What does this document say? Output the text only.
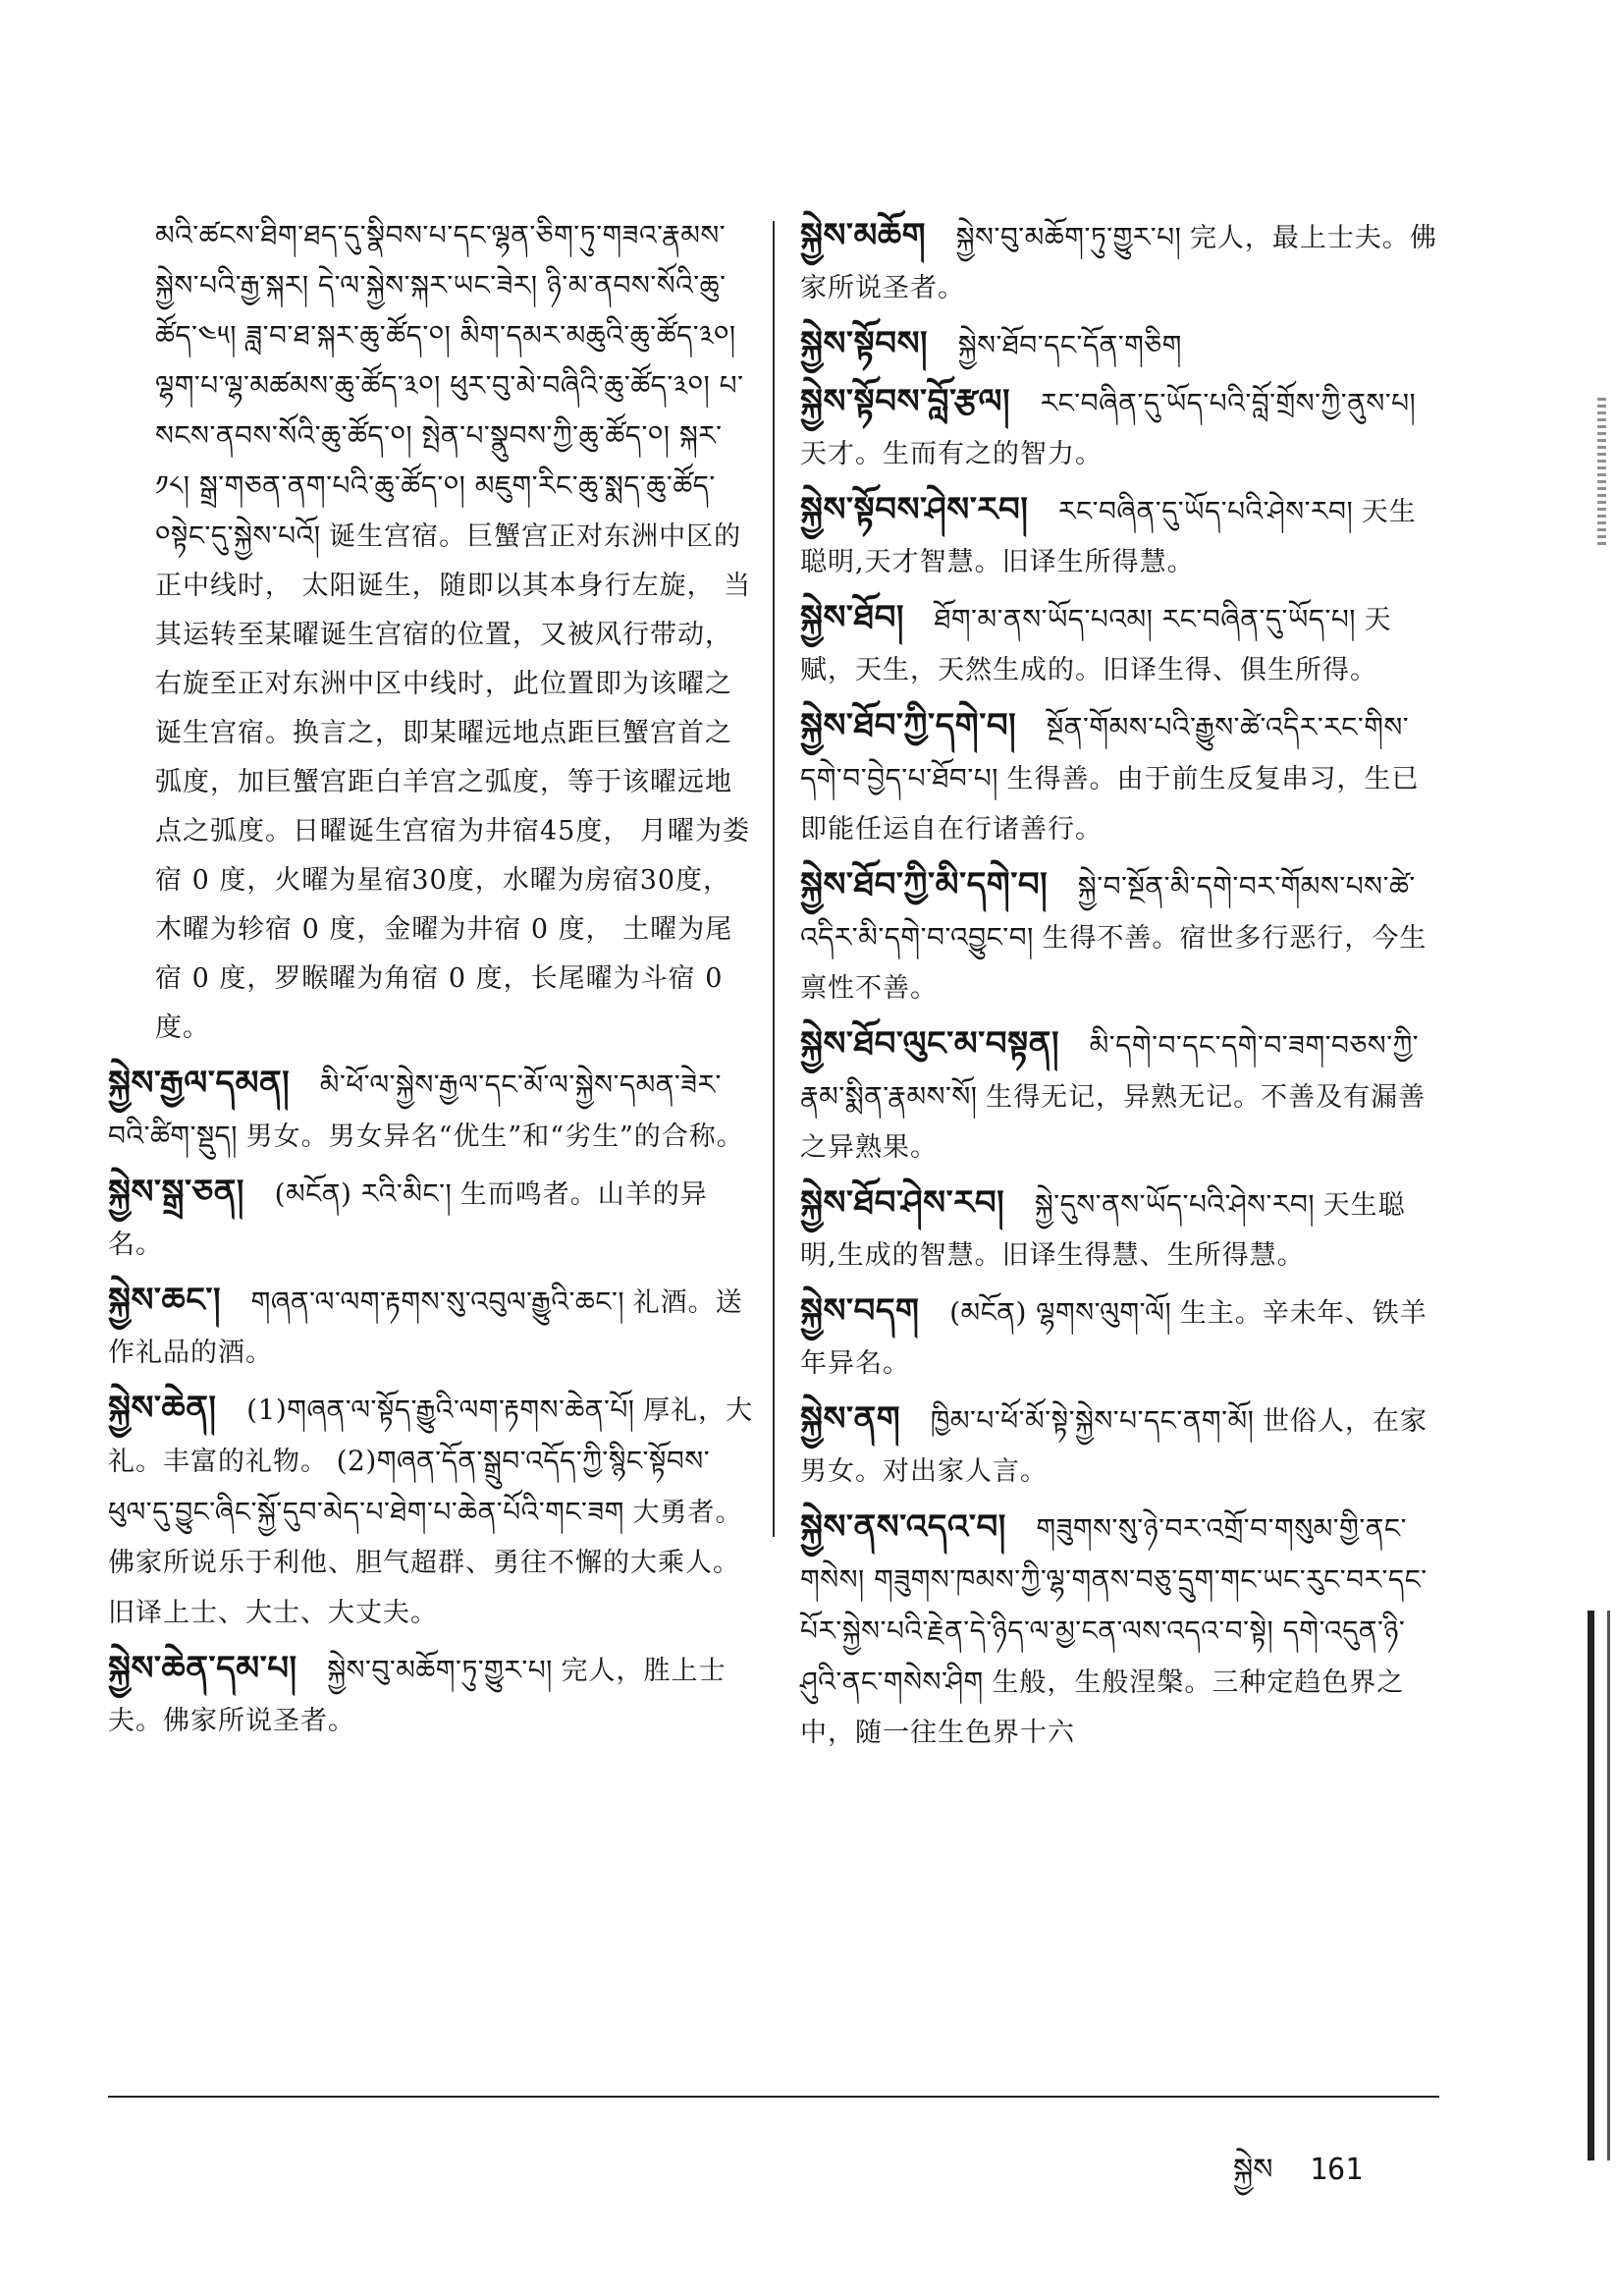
མའི་ཚངས་ཐིག་ཐད་དུ་སྣིབས་པ་དང་ལྷན་ཅིག་ཏུ་གཟའ་རྣམས་སྐྱེས་པའི་རྒྱ་སྐར། དེ་ལ་སྐྱེས་སྐར་ཡང་ཟེར། ཉི་མ་ནབས་སོའི་ཆུ་ཚོད་༤༥། ཟླ་བ་ཐ་སྐར་ཆུ་ཚོད་༠། མིག་དམར་མཆུའི་ཆུ་ཚོད་༣༠། ལྷག་པ་ལྷ་མཚམས་ཆུ་ཚོད་༣༠། ཕུར་བུ་མེ་བཞིའི་ཆུ་ཚོད་༣༠། པ་སངས་ནབས་སོའི་ཆུ་ཚོད་༠། སྤེན་པ་སྣུབས་ཀྱི་ཆུ་ཚོད་༠། སྐར་༡༨། སྒྲ་གཅན་ནག་པའི་ཆུ་ཚོད་༠། མཇུག་རིང་ཆུ་སྨད་ཆུ་ཚོད་༠སྟེང་དུ་སྐྱེས་པའོ། 诞生宫宿。巨蟹宫正对东洲中区的正中线时， 太阳诞生，随即以其本身行左旋， 当其运转至某曜诞生宫宿的位置，又被风行带动，右旋至正对东洲中区中线时，此位置即为该曜之诞生宫宿。换言之，即某曜远地点距巨蟹宫首之弧度，加巨蟹宫距白羊宫之弧度，等于该曜远地点之弧度。日曜诞生宫宿为井宿45度， 月曜为娄宿 0 度，火曜为星宿30度，水曜为房宿30度， 木曜为轸宿 0 度，金曜为井宿 0 度， 土曜为尾宿 0 度，罗睺曜为角宿 0 度，长尾曜为斗宿 0 度。
སྐྱེས་རྒྱལ་དམན། མི་ཕོ་ལ་སྐྱེས་རྒྱལ་དང་མོ་ལ་སྐྱེས་དམན་ཟེར་བའི་ཚིག་སྡུད། 男女。男女异名“优生”和“劣生”的合称。
སྐྱེས་སྒྲ་ཅན། (མངོན) རའི་མིང་། 生而鸣者。山羊的异名。
སྐྱེས་ཆང་། གཞན་ལ་ལག་རྟགས་སུ་འབུལ་རྒྱུའི་ཆང་། 礼酒。送作礼品的酒。
སྐྱེས་ཆེན། (1)གཞན་ལ་སྟོད་རྒྱུའི་ལག་རྟགས་ཆེན་པོ། 厚礼，大礼。丰富的礼物。 (2)གཞན་དོན་སྒྲུབ་འདོད་ཀྱི་སྙིང་སྟོབས་ཕུལ་དུ་བྱུང་ཞིང་སྐྱོ་དུབ་མེད་པ་ཐེག་པ་ཆེན་པོའི་གང་ཟག 大勇者。佛家所说乐于利他、胆气超群、勇往不懈的大乘人。旧译上士、大士、大丈夫。
སྐྱེས་ཆེན་དམ་པ། སྐྱེས་བུ་མཆོག་ཏུ་གྱུར་པ། 完人，胜上士夫。佛家所说圣者。
སྐྱེས་མཆོག སྐྱེས་བུ་མཆོག་ཏུ་གྱུར་པ། 完人，最上士夫。佛家所说圣者。
སྐྱེས་སྟོབས། སྐྱེས་ཐོབ་དང་དོན་གཅིག
སྐྱེས་སྟོབས་བློ་རྩལ། རང་བཞིན་དུ་ཡོད་པའི་བློ་གྲོས་ཀྱི་ནུས་པ། 天才。生而有之的智力。
སྐྱེས་སྟོབས་ཤེས་རབ། རང་བཞིན་དུ་ཡོད་པའི་ཤེས་རབ། 天生聪明,天才智慧。旧译生所得慧。
སྐྱེས་ཐོབ། ཐོག་མ་ནས་ཡོད་པའམ། རང་བཞིན་དུ་ཡོད་པ། 天赋，天生，天然生成的。旧译生得、俱生所得。
སྐྱེས་ཐོབ་ཀྱི་དགེ་བ། སྔོན་གོམས་པའི་རྒྱུས་ཚེ་འདིར་རང་གིས་དགེ་བ་བྱེད་པ་ཐོབ་པ། 生得善。由于前生反复串习，生已即能任运自在行诸善行。
སྐྱེས་ཐོབ་ཀྱི་མི་དགེ་བ། སྐྱེ་བ་སྔོན་མི་དགེ་བར་གོམས་པས་ཚེ་འདིར་མི་དགེ་བ་འབྱུང་བ། 生得不善。宿世多行恶行，今生禀性不善。
སྐྱེས་ཐོབ་ལུང་མ་བསྟན། མི་དགེ་བ་དང་དགེ་བ་ཟག་བཅས་ཀྱི་རྣམ་སྨིན་རྣམས་སོ། 生得无记，异熟无记。不善及有漏善之异熟果。
སྐྱེས་ཐོབ་ཤེས་རབ། སྐྱེ་དུས་ནས་ཡོད་པའི་ཤེས་རབ། 天生聪明,生成的智慧。旧译生得慧、生所得慧。
སྐྱེས་བདག (མངོན) ལྷགས་ལུག་ལོ། 生主。辛未年、铁羊年异名。
སྐྱེས་ནག ཁྱིམ་པ་ཕོ་མོ་སྟེ་སྐྱེས་པ་དང་ནག་མོ། 世俗人，在家男女。对出家人言。
སྐྱེས་ནས་འདའ་བ། གཟུགས་སུ་ཉེ་བར་འགྲོ་བ་གསུམ་གྱི་ནང་གསེས། གཟུགས་ཁམས་ཀྱི་ལྷ་གནས་བཅུ་དྲུག་གང་ཡང་རུང་བར་དང་པོར་སྐྱེས་པའི་རྗེན་དེ་ཉིད་ལ་མྱ་ངན་ལས་འདའ་བ་སྟེ། དགེ་འདུན་ཉི་ཤུའི་ནང་གསེས་ཤིག 生般，生般涅槃。三种定趋色界之中，随一往生色界十六
སྐྱེས 161
